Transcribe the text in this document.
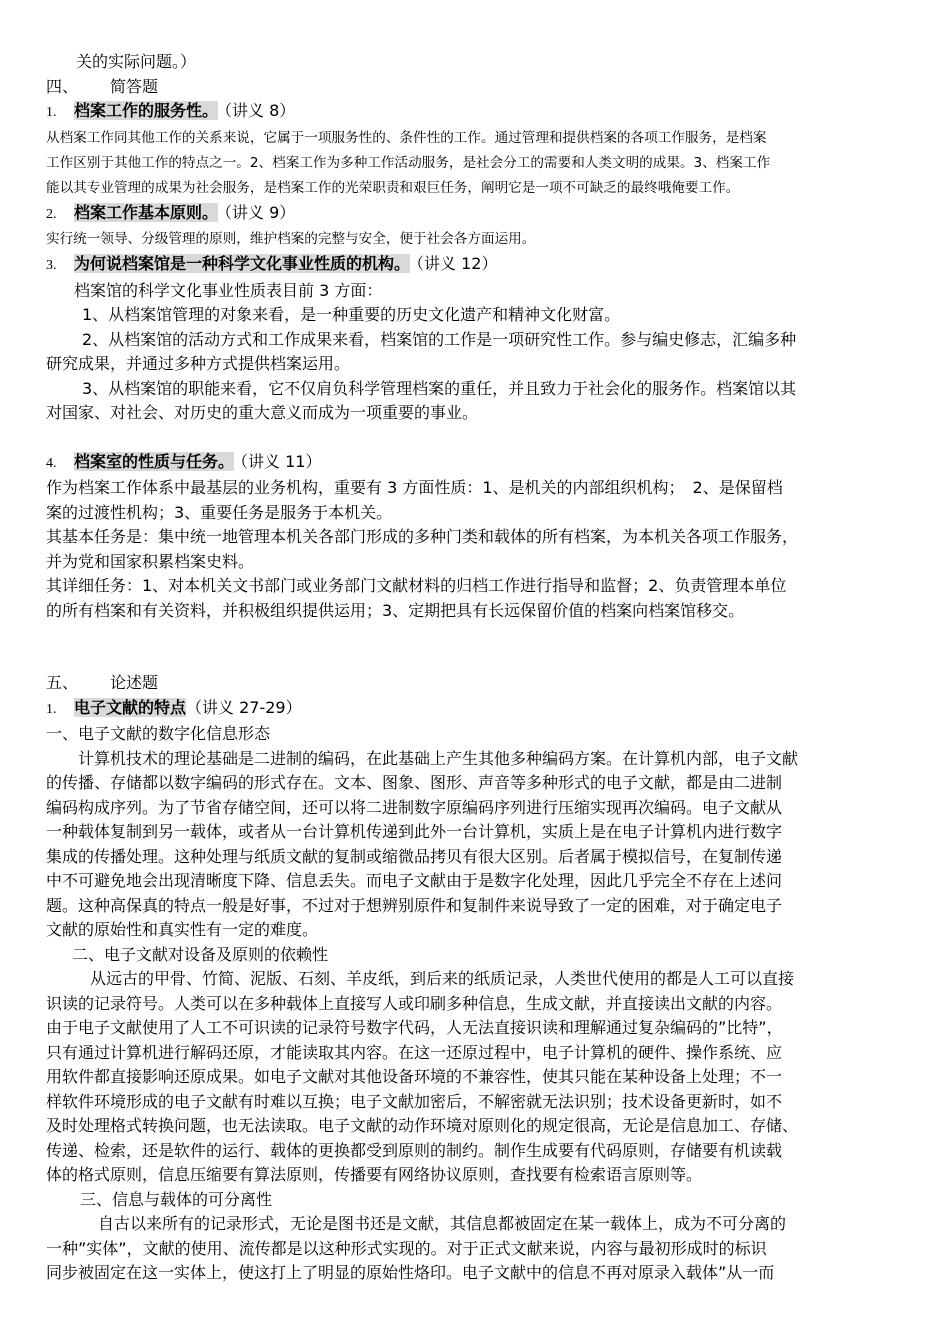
关的实际问题。）
四、 简答题
1. 档案工作的服务性。 （讲义 8）
从档案工作同其他工作的关系来说，它属于一项服务性的、条件性的工作。通过管理和提供档案的各项工作服务，是档案
工作区别于其他工作的特点之一。2、档案工作为多种工作活动服务，是社会分工的需要和人类文明的成果。3、档案工作
能以其专业管理的成果为社会服务，是档案工作的光荣职责和艰巨任务，阐明它是一项不可缺乏的最终哦俺要工作。
2. 档案工作基本原则。 （讲义 9）
实行统一领导、分级管理的原则，维护档案的完整与安全，便于社会各方面运用。
3. 为何说档案馆是一种科学文化事业性质的机构。 （讲义 12）
档案馆的科学文化事业性质表目前 3 方面：
1、从档案馆管理的对象来看，是一种重要的历史文化遗产和精神文化财富。
2、从档案馆的活动方式和工作成果来看，档案馆的工作是一项研究性工作。参与编史修志，汇编多种
研究成果，并通过多种方式提供档案运用。
3、从档案馆的职能来看，它不仅肩负科学管理档案的重任，并且致力于社会化的服务作。档案馆以其
对国家、对社会、对历史的重大意义而成为一项重要的事业。
4. 档案室的性质与任务。 （讲义 11）
作为档案工作体系中最基层的业务机构，重要有 3 方面性质：1、是机关的内部组织机构；　2、是保留档
案的过渡性机构；3、重要任务是服务于本机关。
其基本任务是：集中统一地管理本机关各部门形成的多种门类和载体的所有档案，为本机关各项工作服务，
并为党和国家积累档案史料。
其详细任务：1、对本机关文书部门或业务部门文献材料的归档工作进行指导和监督；2、负责管理本单位
的所有档案和有关资料，并积极组织提供运用；3、定期把具有长远保留价值的档案向档案馆移交。
五、 论述题
1. 电子文献的特点（讲义 27-29）
一、电子文献的数字化信息形态
计算机技术的理论基础是二进制的编码，在此基础上产生其他多种编码方案。在计算机内部，电子文献
的传播、存储都以数字编码的形式存在。文本、图象、图形、声音等多种形式的电子文献，都是由二进制
编码构成序列。为了节省存储空间，还可以将二进制数字原编码序列进行压缩实现再次编码。电子文献从
一种载体复制到另一载体，或者从一台计算机传递到此外一台计算机，实质上是在电子计算机内进行数字
集成的传播处理。这种处理与纸质文献的复制或缩微品拷贝有很大区别。后者属于模拟信号，在复制传递
中不可避免地会出现清晰度下降、信息丢失。而电子文献由于是数字化处理，因此几乎完全不存在上述问
题。这种高保真的特点一般是好事，不过对于想辨别原件和复制件来说导致了一定的困难，对于确定电子
文献的原始性和真实性有一定的难度。
二、电子文献对设备及原则的依赖性
从远古的甲骨、竹简、泥版、石刻、羊皮纸，到后来的纸质记录，人类世代使用的都是人工可以直接
识读的记录符号。人类可以在多种载体上直接写人或印刷多种信息，生成文献，并直接读出文献的内容。
由于电子文献使用了人工不可识读的记录符号数字代码，人无法直接识读和理解通过复杂编码的”比特”，
只有通过计算机进行解码还原，才能读取其内容。在这一还原过程中，电子计算机的硬件、操作系统、应
用软件都直接影响还原成果。如电子文献对其他设备环境的不兼容性，使其只能在某种设备上处理；不一
样软件环境形成的电子文献有时难以互换；电子文献加密后，不解密就无法识别；技术设备更新时，如不
及时处理格式转换问题，也无法读取。电子文献的动作环境对原则化的规定很高，无论是信息加工、存储、
传递、检索，还是软件的运行、载体的更换都受到原则的制约。制作生成要有代码原则，存储要有机读载
体的格式原则，信息压缩要有算法原则，传播要有网络协议原则，查找要有检索语言原则等。
三、信息与载体的可分离性
自古以来所有的记录形式，无论是图书还是文献，其信息都被固定在某一载体上，成为不可分离的
一种”实体”，文献的使用、流传都是以这种形式实现的。对于正式文献来说，内容与最初形成时的标识
同步被固定在这一实体上，使这打上了明显的原始性烙印。电子文献中的信息不再对原录入载体”从一而
